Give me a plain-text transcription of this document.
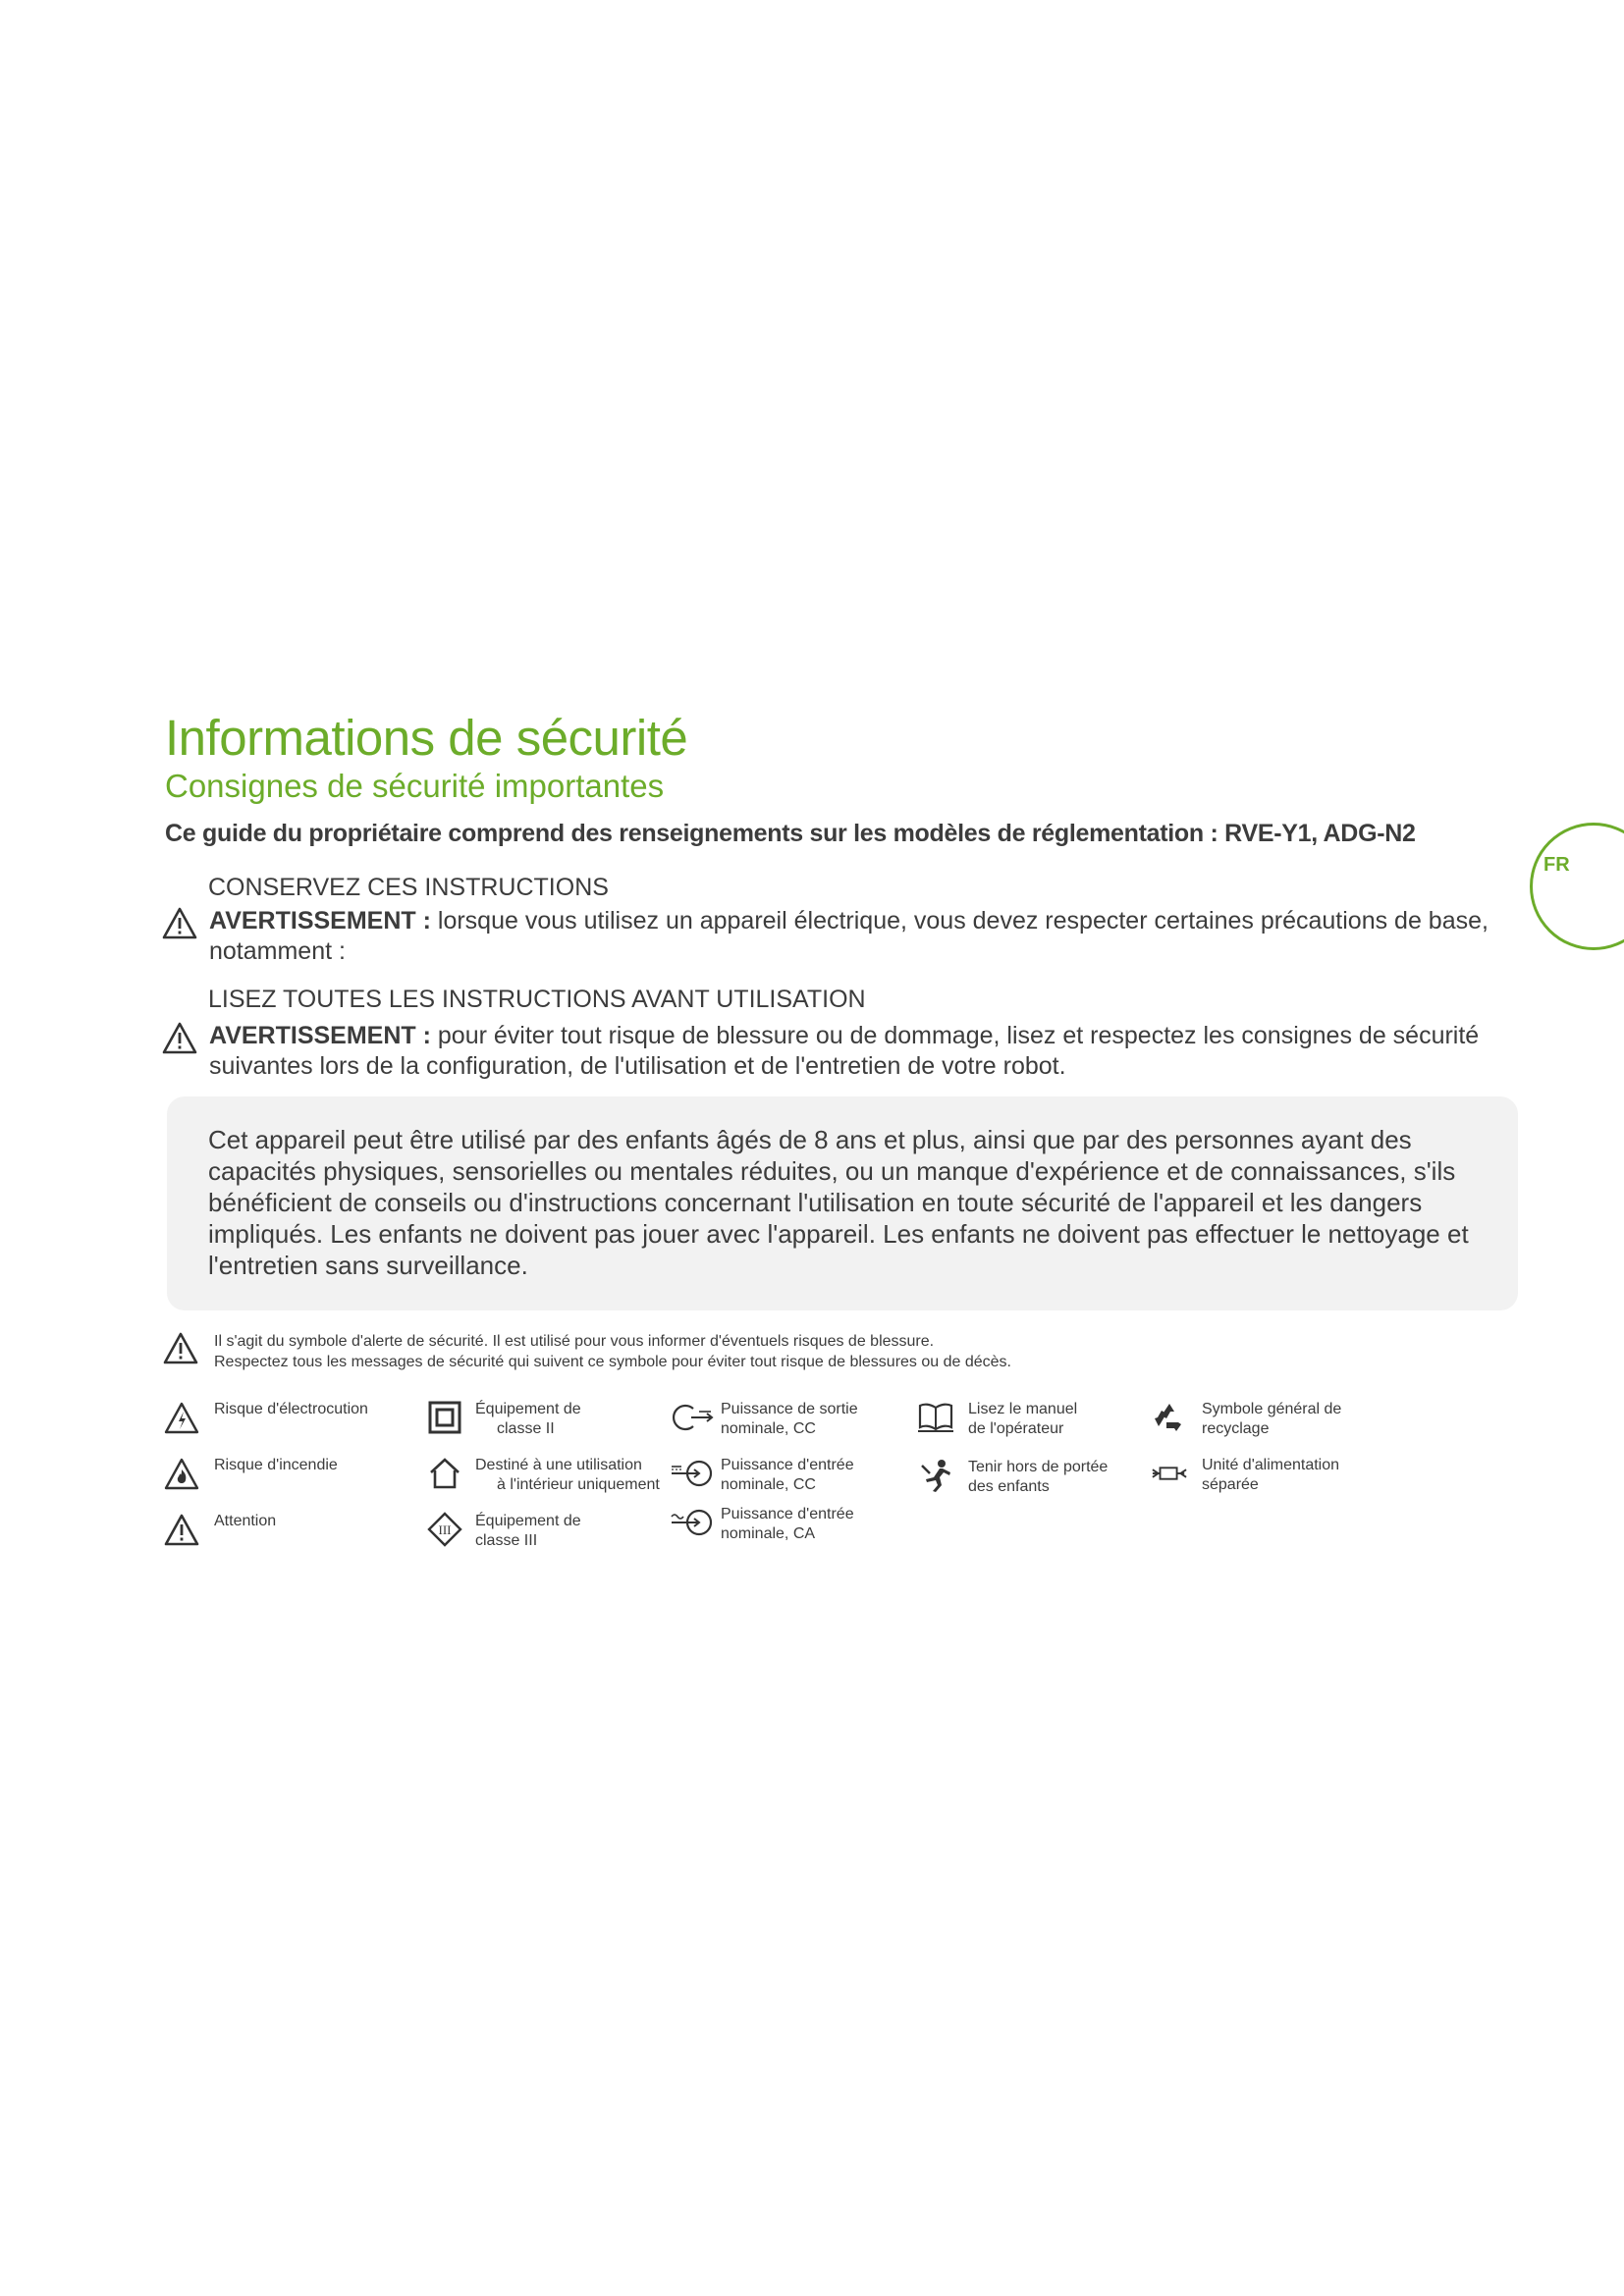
Informations de sécurité
Consignes de sécurité importantes
Ce guide du propriétaire comprend des renseignements sur les modèles de réglementation : RVE-Y1, ADG-N2
FR
CONSERVEZ CES INSTRUCTIONS
AVERTISSEMENT : lorsque vous utilisez un appareil électrique, vous devez respecter certaines précautions de base, notamment :
LISEZ TOUTES LES INSTRUCTIONS AVANT UTILISATION
AVERTISSEMENT : pour éviter tout risque de blessure ou de dommage, lisez et respectez les consignes de sécurité suivantes lors de la configuration, de l'utilisation et de l'entretien de votre robot.
Cet appareil peut être utilisé par des enfants âgés de 8 ans et plus, ainsi que par des personnes ayant des capacités physiques, sensorielles ou mentales réduites, ou un manque d'expérience et de connaissances, s'ils bénéficient de conseils ou d'instructions concernant l'utilisation en toute sécurité de l'appareil et les dangers impliqués. Les enfants ne doivent pas jouer avec l'appareil. Les enfants ne doivent pas effectuer le nettoyage et l'entretien sans surveillance.
Il s'agit du symbole d'alerte de sécurité. Il est utilisé pour vous informer d'éventuels risques de blessure.
Respectez tous les messages de sécurité qui suivent ce symbole pour éviter tout risque de blessures ou de décès.
Risque d'électrocution
Risque d'incendie
Attention
Équipement de
classe II
Destiné à une utilisation
à l'intérieur uniquement
III
Équipement de
classe III
Puissance de sortie
nominale, CC
Puissance d'entrée
nominale, CC
Puissance d'entrée
nominale, CA
Lisez le manuel
de l'opérateur
Tenir hors de portée
des enfants
Symbole général de
recyclage
Unité d'alimentation
séparée
